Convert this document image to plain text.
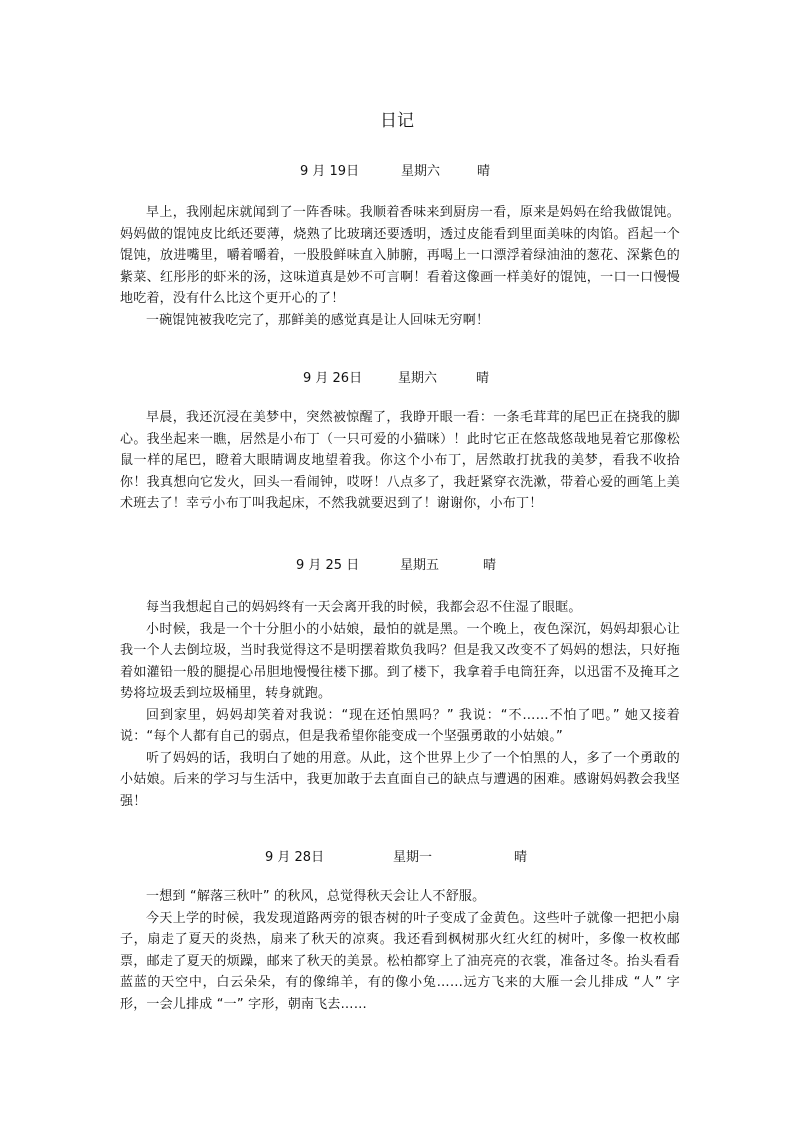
日记
9 月 19日	星期六	晴

早上，我刚起床就闻到了一阵香味。我顺着香味来到厨房一看，原来是妈妈在给我做馄饨。妈妈做的馄饨皮比纸还要薄，烧熟了比玻璃还要透明，透过皮能看到里面美味的肉馅。舀起一个馄饨，放进嘴里，嚼着嚼着，一股股鲜味直入肺腑，再喝上一口漂浮着绿油油的葱花、深紫色的紫菜、红彤彤的虾米的汤，这味道真是妙不可言啊！看着这像画一样美好的馄饨，一口一口慢慢地吃着，没有什么比这个更开心的了！

一碗馄饨被我吃完了，那鲜美的感觉真是让人回味无穷啊！

9 月 26日	星期六	晴

早晨，我还沉浸在美梦中，突然被惊醒了，我睁开眼一看：一条毛茸茸的尾巴正在挠我的脚心。我坐起来一瞧，居然是小布丁（一只可爱的小猫咪）！此时它正在悠哉悠哉地晃着它那像松鼠一样的尾巴，瞪着大眼睛调皮地望着我。你这个小布丁，居然敢打扰我的美梦，看我不收拾你！我真想向它发火，回头一看闹钟，哎呀！八点多了，我赶紧穿衣洗漱，带着心爱的画笔上美术班去了！幸亏小布丁叫我起床，不然我就要迟到了！谢谢你，小布丁！

9 月 25 日	星期五	晴

每当我想起自己的妈妈终有一天会离开我的时候，我都会忍不住湿了眼眶。

小时候，我是一个十分胆小的小姑娘，最怕的就是黑。一个晚上，夜色深沉，妈妈却狠心让我一个人去倒垃圾，当时我觉得这不是明摆着欺负我吗？但是我又改变不了妈妈的想法，只好拖着如灌铅一般的腿提心吊胆地慢慢往楼下挪。到了楼下，我拿着手电筒狂奔，以迅雷不及掩耳之势将垃圾丢到垃圾桶里，转身就跑。

回到家里，妈妈却笑着对我说：“现在还怕黑吗？” 我说：“不……不怕了吧。” 她又接着说：“每个人都有自己的弱点，但是我希望你能变成一个坚强勇敢的小姑娘。”

听了妈妈的话，我明白了她的用意。从此，这个世界上少了一个怕黑的人，多了一个勇敢的小姑娘。后来的学习与生活中，我更加敢于去直面自己的缺点与遭遇的困难。感谢妈妈教会我坚强！

9 月 28日	星期一	晴

一想到 “解落三秋叶” 的秋风，总觉得秋天会让人不舒服。

今天上学的时候，我发现道路两旁的银杏树的叶子变成了金黄色。这些叶子就像一把把小扇子，扇走了夏天的炎热，扇来了秋天的凉爽。我还看到枫树那火红火红的树叶，多像一枚枚邮票，邮走了夏天的烦躁，邮来了秋天的美景。松柏都穿上了油亮亮的衣裳，准备过冬。抬头看看蓝蓝的天空中，白云朵朵，有的像绵羊，有的像小兔……远方飞来的大雁一会儿排成 “人” 字形，一会儿排成 “一” 字形，朝南飞去……
